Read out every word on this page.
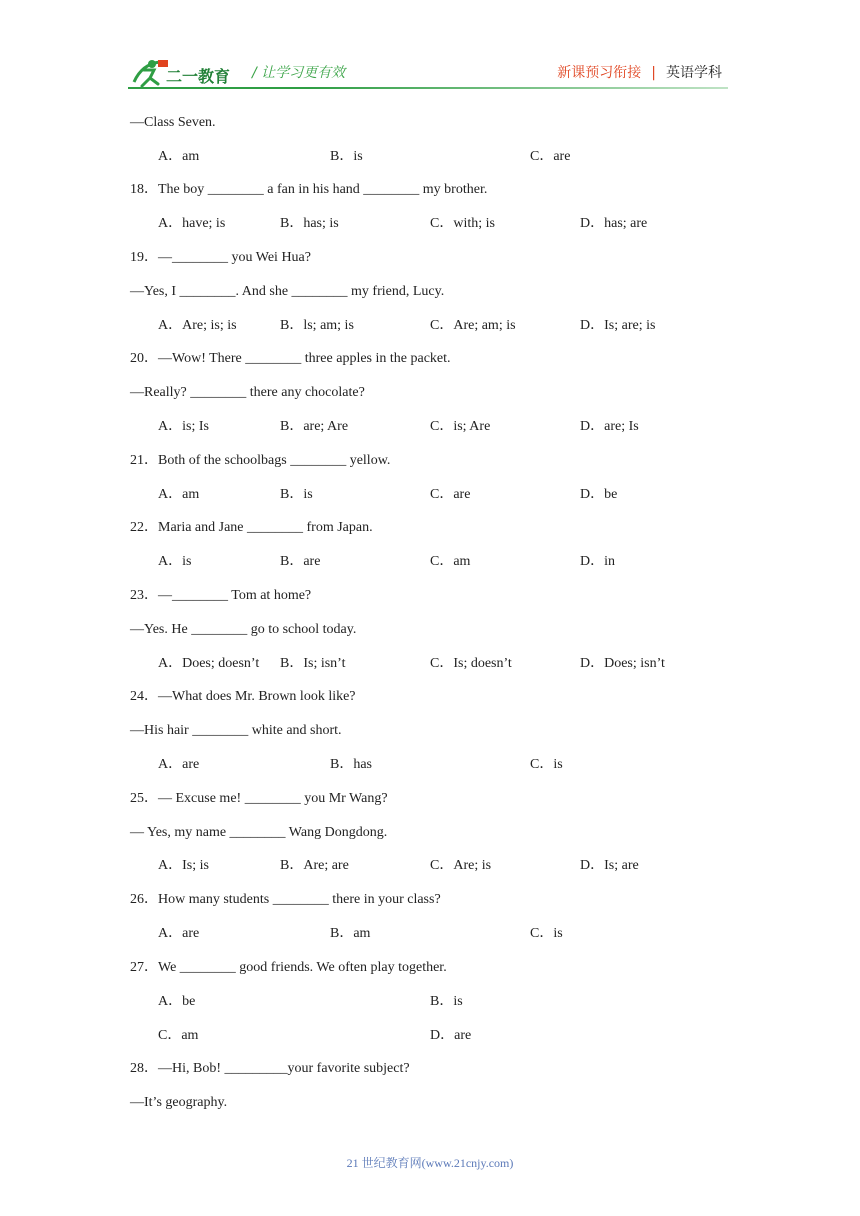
二一教育 / 让学习更有效	新课预习衔接 | 英语学科
—Class Seven.
A．am	B．is	C．are
18．The boy ________ a fan in his hand ________ my brother.
A．have; is	B．has; is	C．with; is	D．has; are
19．—________ you Wei Hua?
—Yes, I ________. And she ________ my friend, Lucy.
A．Are; is; is	B．ls; am; is	C．Are; am; is	D．Is; are; is
20．—Wow! There ________ three apples in the packet.
—Really? ________ there any chocolate?
A．is; Is	B．are; Are	C．is; Are	D．are; Is
21．Both of the schoolbags ________ yellow.
A．am	B．is	C．are	D．be
22．Maria and Jane ________ from Japan.
A．is	B．are	C．am	D．in
23．—________ Tom at home?
—Yes. He ________ go to school today.
A．Does; doesn’t B．Is; isn’t	C．Is; doesn’t	D．Does; isn’t
24．—What does Mr. Brown look like?
—His hair ________ white and short.
A．are	B．has	C．is
25．— Excuse me! ________ you Mr Wang?
— Yes, my name ________ Wang Dongdong.
A．Is; is	B．Are; are	C．Are; is	D．Is; are
26．How many students ________ there in your class?
A．are	B．am	C．is
27．We ________ good friends. We often play together.
A．be	B．is
C．am	D．are
28．—Hi, Bob! _________your favorite subject?
—It’s geography.
21 世纪教育网(www.21cnjy.com)
